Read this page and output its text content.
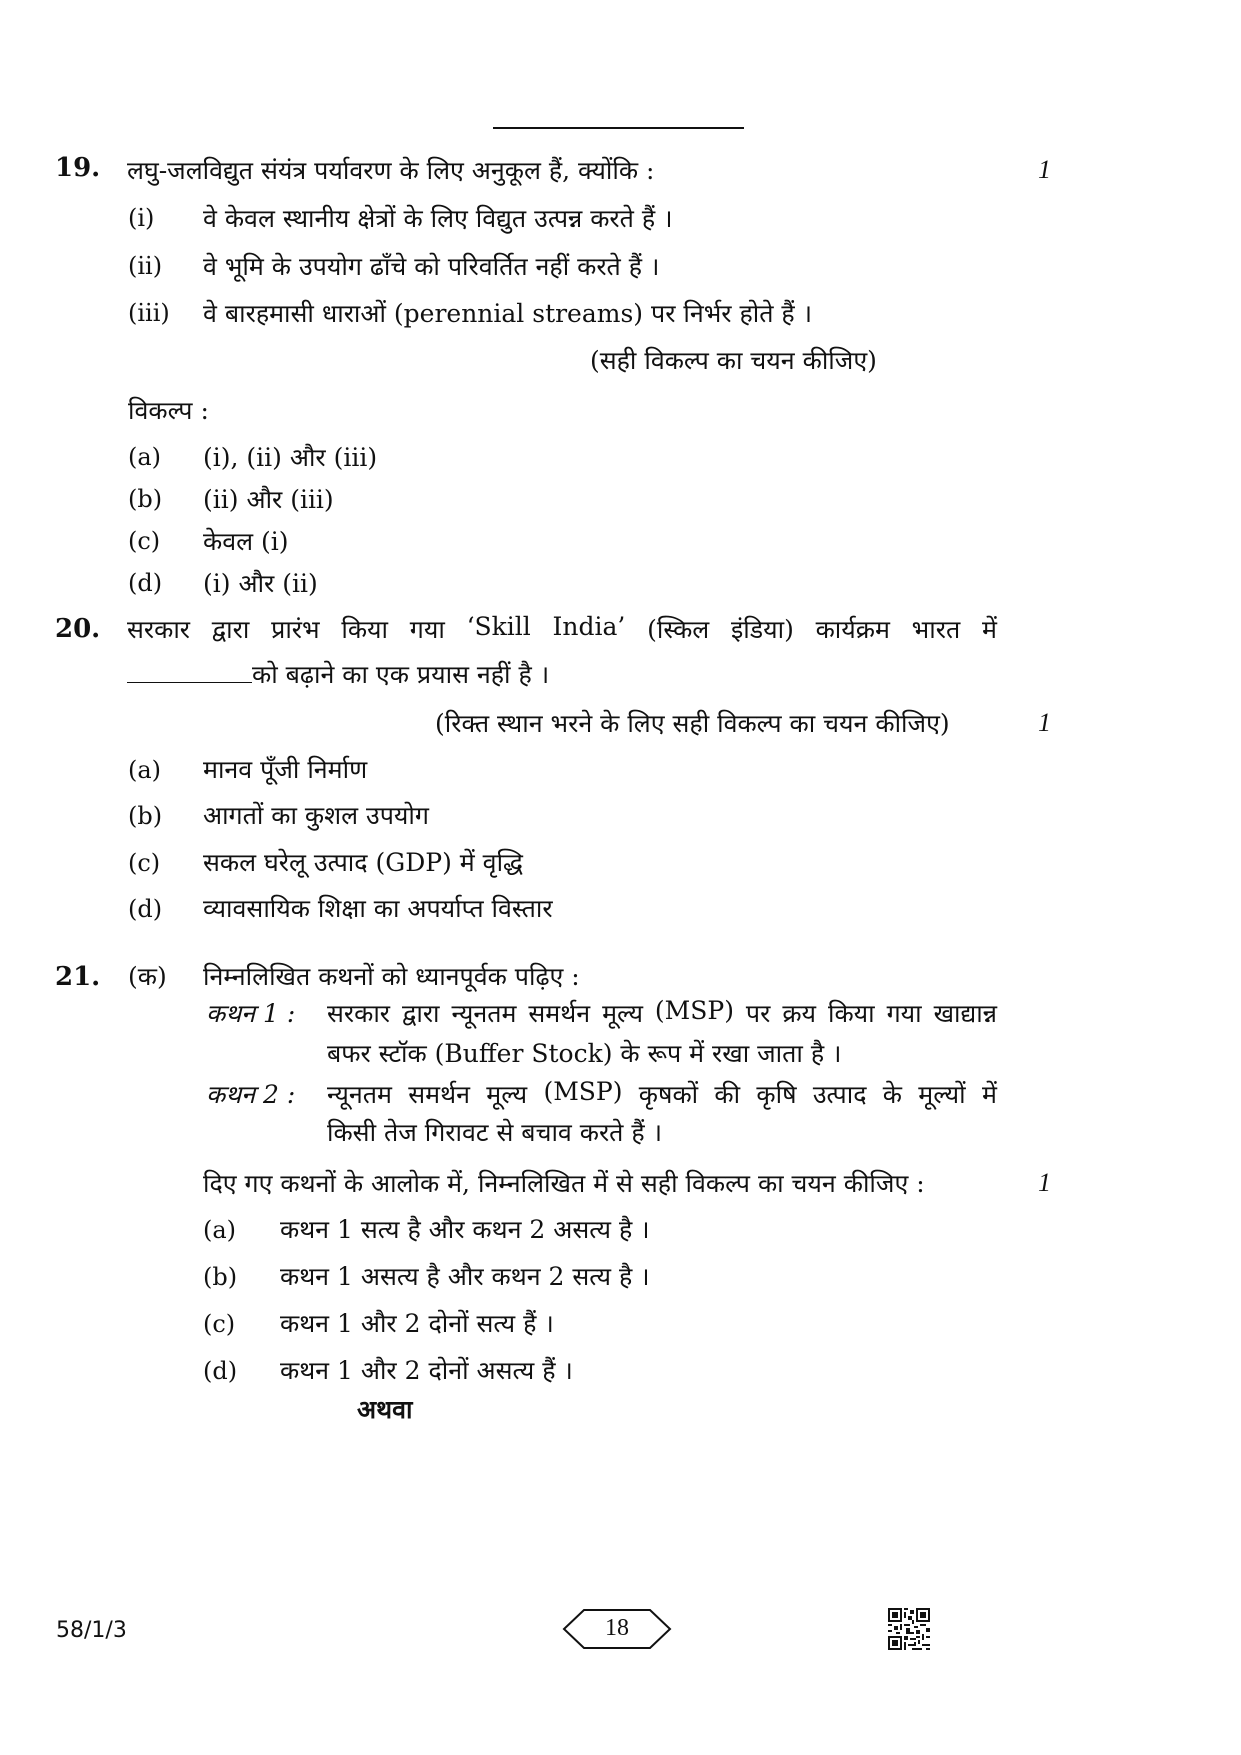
19. लघु-जलविद्युत संयंत्र पर्यावरण के लिए अनुकूल हैं, क्योंकि :	1
(i) वे केवल स्थानीय क्षेत्रों के लिए विद्युत उत्पन्न करते हैं ।
(ii) वे भूमि के उपयोग ढाँचे को परिवर्तित नहीं करते हैं ।
(iii) वे बारहमासी धाराओं (perennial streams) पर निर्भर होते हैं ।
(सही विकल्प का चयन कीजिए)
विकल्प :
(a) (i), (ii) और (iii)
(b) (ii) और (iii)
(c) केवल (i)
(d) (i) और (ii)
20. सरकार द्वारा प्रारंभ किया गया ‘Skill India’ (स्किल इंडिया) कार्यक्रम भारत में
को बढ़ाने का एक प्रयास नहीं है ।
(रिक्त स्थान भरने के लिए सही विकल्प का चयन कीजिए)	1
(a) मानव पूँजी निर्माण
(b) आगतों का कुशल उपयोग
(c) सकल घरेलू उत्पाद (GDP) में वृद्धि
(d) व्यावसायिक शिक्षा का अपर्याप्त विस्तार
21. (क) निम्नलिखित कथनों को ध्यानपूर्वक पढ़िए :
कथन 1 : सरकार द्वारा न्यूनतम समर्थन मूल्य (MSP) पर क्रय किया गया खाद्यान्न
बफर स्टॉक (Buffer Stock) के रूप में रखा जाता है ।
कथन 2 : न्यूनतम समर्थन मूल्य (MSP) कृषकों की कृषि उत्पाद के मूल्यों में
किसी तेज गिरावट से बचाव करते हैं ।
दिए गए कथनों के आलोक में, निम्नलिखित में से सही विकल्प का चयन कीजिए :	1
(a) कथन 1 सत्य है और कथन 2 असत्य है ।
(b) कथन 1 असत्य है और कथन 2 सत्य है ।
(c) कथन 1 और 2 दोनों सत्य हैं ।
(d) कथन 1 और 2 दोनों असत्य हैं ।
अथवा
58/1/3	18
